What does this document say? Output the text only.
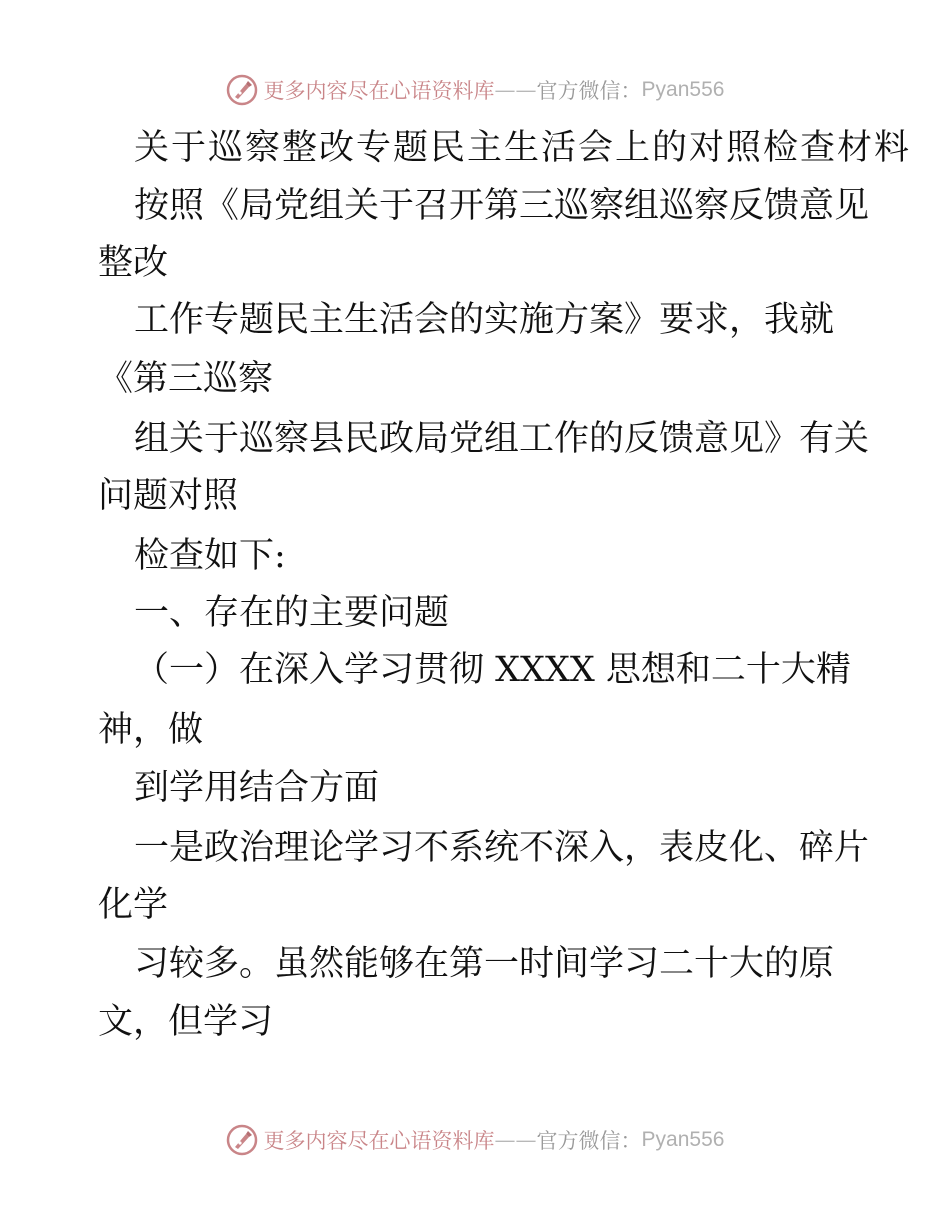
更多内容尽在心语资料库 —— 官方微信： Pyan556
关于巡察整改专题民主生活会上的对照检查材料
按照《局党组关于召开第三巡察组巡察反馈意见
整改
工作专题民主生活会的实施方案》要求，我就
《第三巡察
组关于巡察县民政局党组工作的反馈意见》有关
问题对照
检查如下:
一、存在的主要问题
（一）在深入学习贯彻 XXXX 思想和二十大精
神，做
到学用结合方面
一是政治理论学习不系统不深入，表皮化、碎片
化学
习较多。虽然能够在第一时间学习二十大的原
文，但学习
更多内容尽在心语资料库 —— 官方微信： Pyan556
